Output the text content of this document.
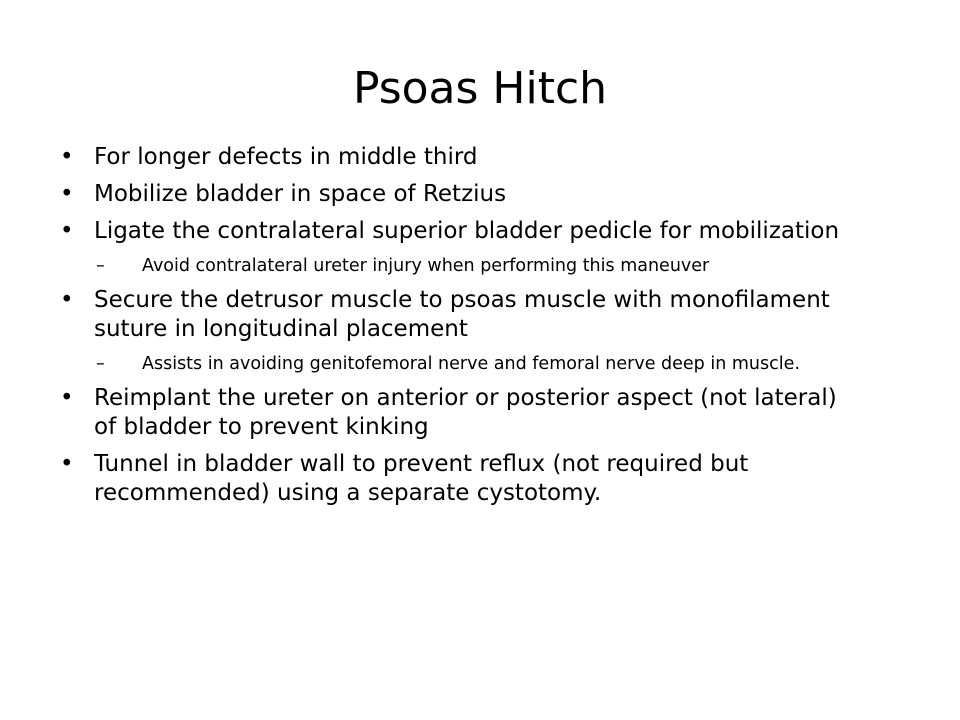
Psoas Hitch
• For longer defects in middle third
• Mobilize bladder in space of Retzius
• Ligate the contralateral superior bladder pedicle for mobilization
– Avoid contralateral ureter injury when performing this maneuver
• Secure the detrusor muscle to psoas muscle with monofilament suture in longitudinal placement
– Assists in avoiding genitofemoral nerve and femoral nerve deep in muscle.
• Reimplant the ureter on anterior or posterior aspect (not lateral) of bladder to prevent kinking
• Tunnel in bladder wall to prevent reflux (not required but recommended) using a separate cystotomy.
